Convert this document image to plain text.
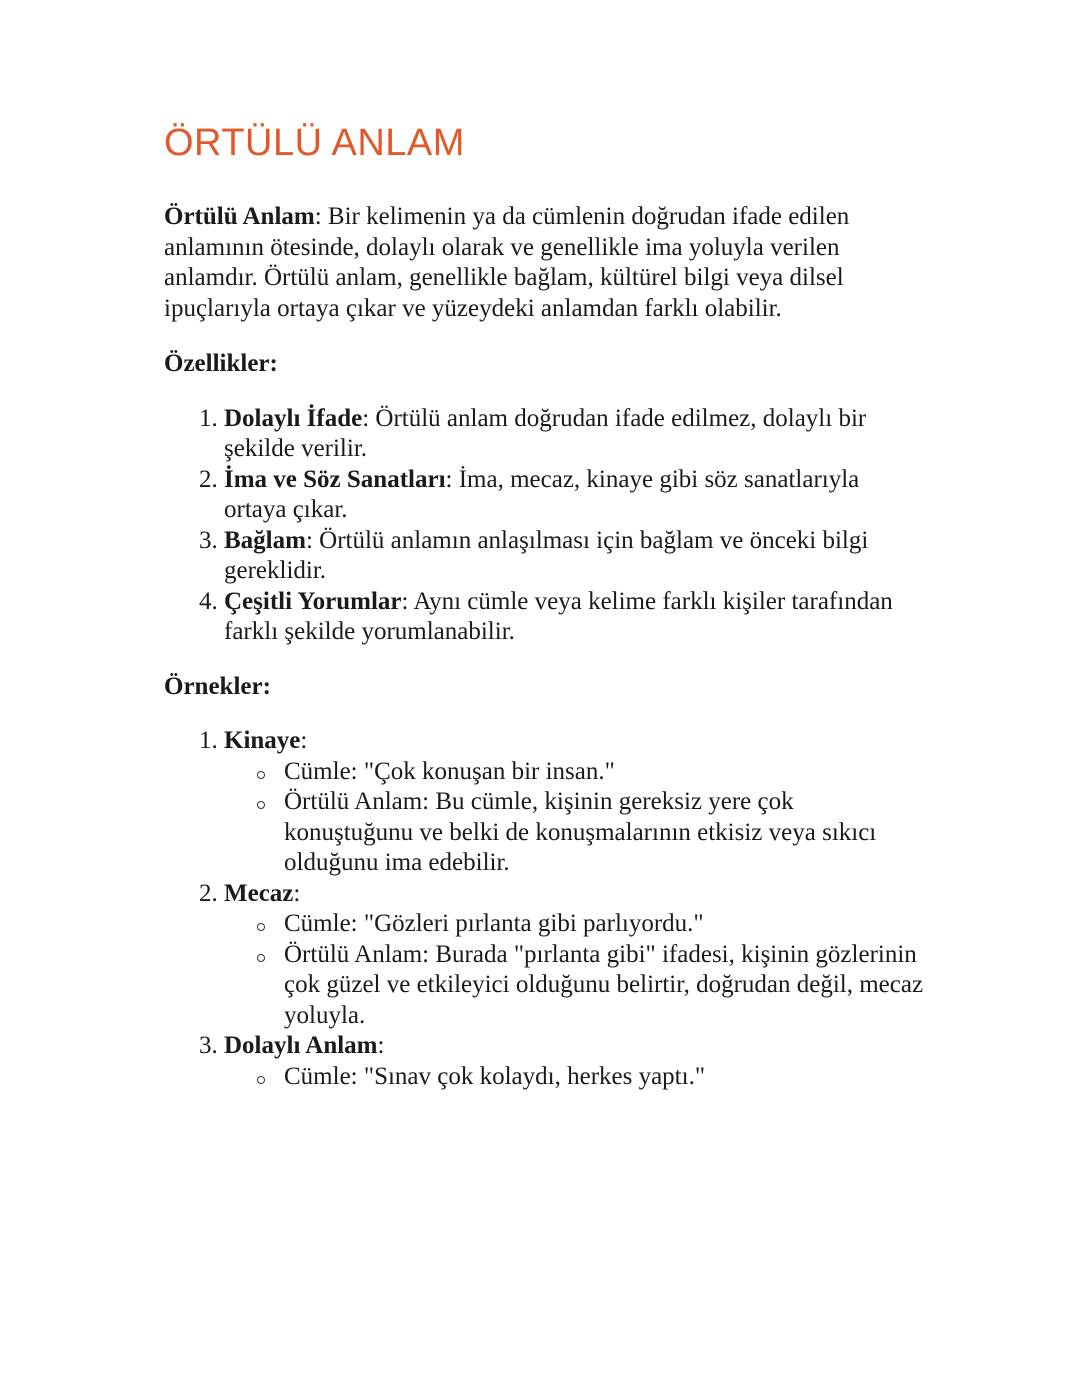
ÖRTÜLÜ ANLAM

Örtülü Anlam: Bir kelimenin ya da cümlenin doğrudan ifade edilen anlamının ötesinde, dolaylı olarak ve genellikle ima yoluyla verilen anlamdır. Örtülü anlam, genellikle bağlam, kültürel bilgi veya dilsel ipuçlarıyla ortaya çıkar ve yüzeydeki anlamdan farklı olabilir.

Özellikler:

1. Dolaylı İfade: Örtülü anlam doğrudan ifade edilmez, dolaylı bir şekilde verilir.
2. İma ve Söz Sanatları: İma, mecaz, kinaye gibi söz sanatlarıyla ortaya çıkar.
3. Bağlam: Örtülü anlamın anlaşılması için bağlam ve önceki bilgi gereklidir.
4. Çeşitli Yorumlar: Aynı cümle veya kelime farklı kişiler tarafından farklı şekilde yorumlanabilir.

Örnekler:

1. Kinaye:
Cümle: "Çok konuşan bir insan."
Örtülü Anlam: Bu cümle, kişinin gereksiz yere çok konuştuğunu ve belki de konuşmalarının etkisiz veya sıkıcı olduğunu ima edebilir.
2. Mecaz:
Cümle: "Gözleri pırlanta gibi parlıyordu."
Örtülü Anlam: Burada "pırlanta gibi" ifadesi, kişinin gözlerinin çok güzel ve etkileyici olduğunu belirtir, doğrudan değil, mecaz yoluyla.
3. Dolaylı Anlam:
Cümle: "Sınav çok kolaydı, herkes yaptı."
